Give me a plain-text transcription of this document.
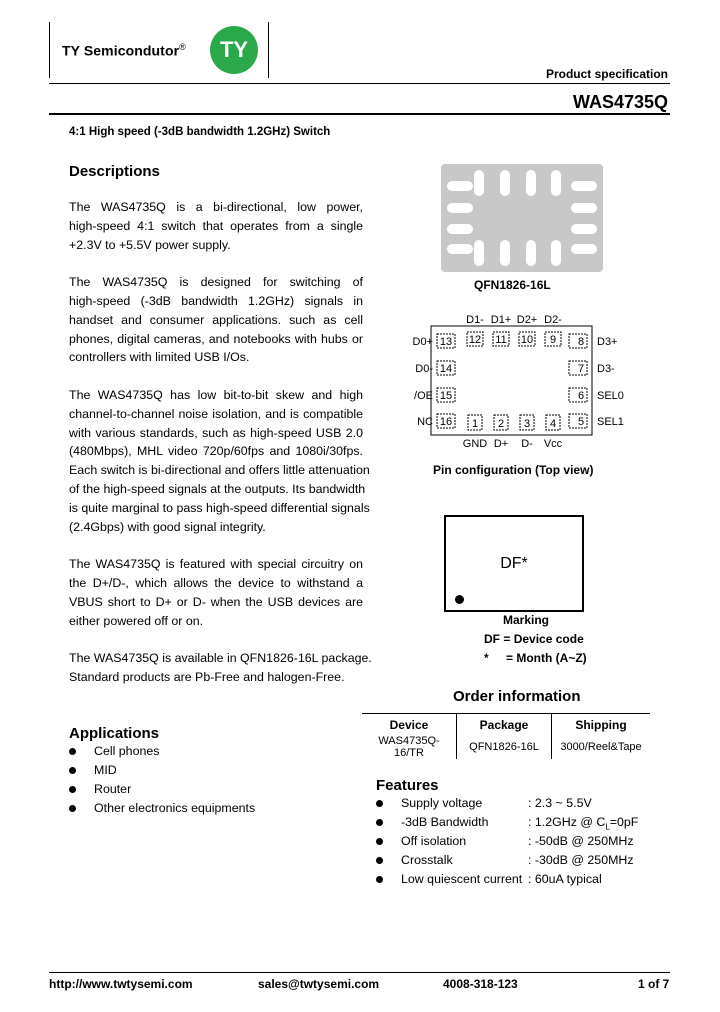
TY Semicondutor® TY
Product specification
WAS4735Q
4:1 High speed (-3dB bandwidth 1.2GHz) Switch
Descriptions
The WAS4735Q is a bi-directional, low power,
high-speed 4:1 switch that operates from a single
+2.3V to +5.5V power supply.
The WAS4735Q is designed for switching of
high-speed (-3dB bandwidth 1.2GHz) signals in
handset and consumer applications. such as cell
phones, digital cameras, and notebooks with hubs or
controllers with limited USB I/Os.
The WAS4735Q has low bit-to-bit skew and high
channel-to-channel noise isolation, and is compatible
with various standards, such as high-speed USB 2.0
(480Mbps), MHL video 720p/60fps and 1080i/30fps.
Each switch is bi-directional and offers little attenuation
of the high-speed signals at the outputs. Its bandwidth
is quite marginal to pass high-speed differential signals
(2.4Gbps) with good signal integrity.
The WAS4735Q is featured with special circuitry on
the D+/D-, which allows the device to withstand a
VBUS short to D+ or D- when the USB devices are
either powered off or on.
The WAS4735Q is available in QFN1826-16L package.
Standard products are Pb-Free and halogen-Free.
Applications
Cell phones
MID
Router
Other electronics equipments
QFN1826-16L
D1- D1+ D2+ D2-
12 11 10 9
1 2 3 4
GND D+ D- Vcc
D0+
D0-
/OE
NC
13
14
15
16
8
7
6
5
D3+
D3-
SEL0
SEL1
Pin configuration (Top view)
DF*
Marking
DF = Device code
* = Month (A~Z)
Order information
Device	Package	Shipping
WAS4735Q-16/TR	QFN1826-16L	3000/Reel&Tape
Features
Supply voltage	: 2.3 ~ 5.5V
-3dB Bandwidth	: 1.2GHz @ $C_L=0pF$
Off isolation	: -50dB @ 250MHz
Crosstalk	: -30dB @ 250MHz
Low quiescent current : 60uA typical
http://www.twtysemi.com	sales@twtysemi.com	4008-318-123	1 of 7
